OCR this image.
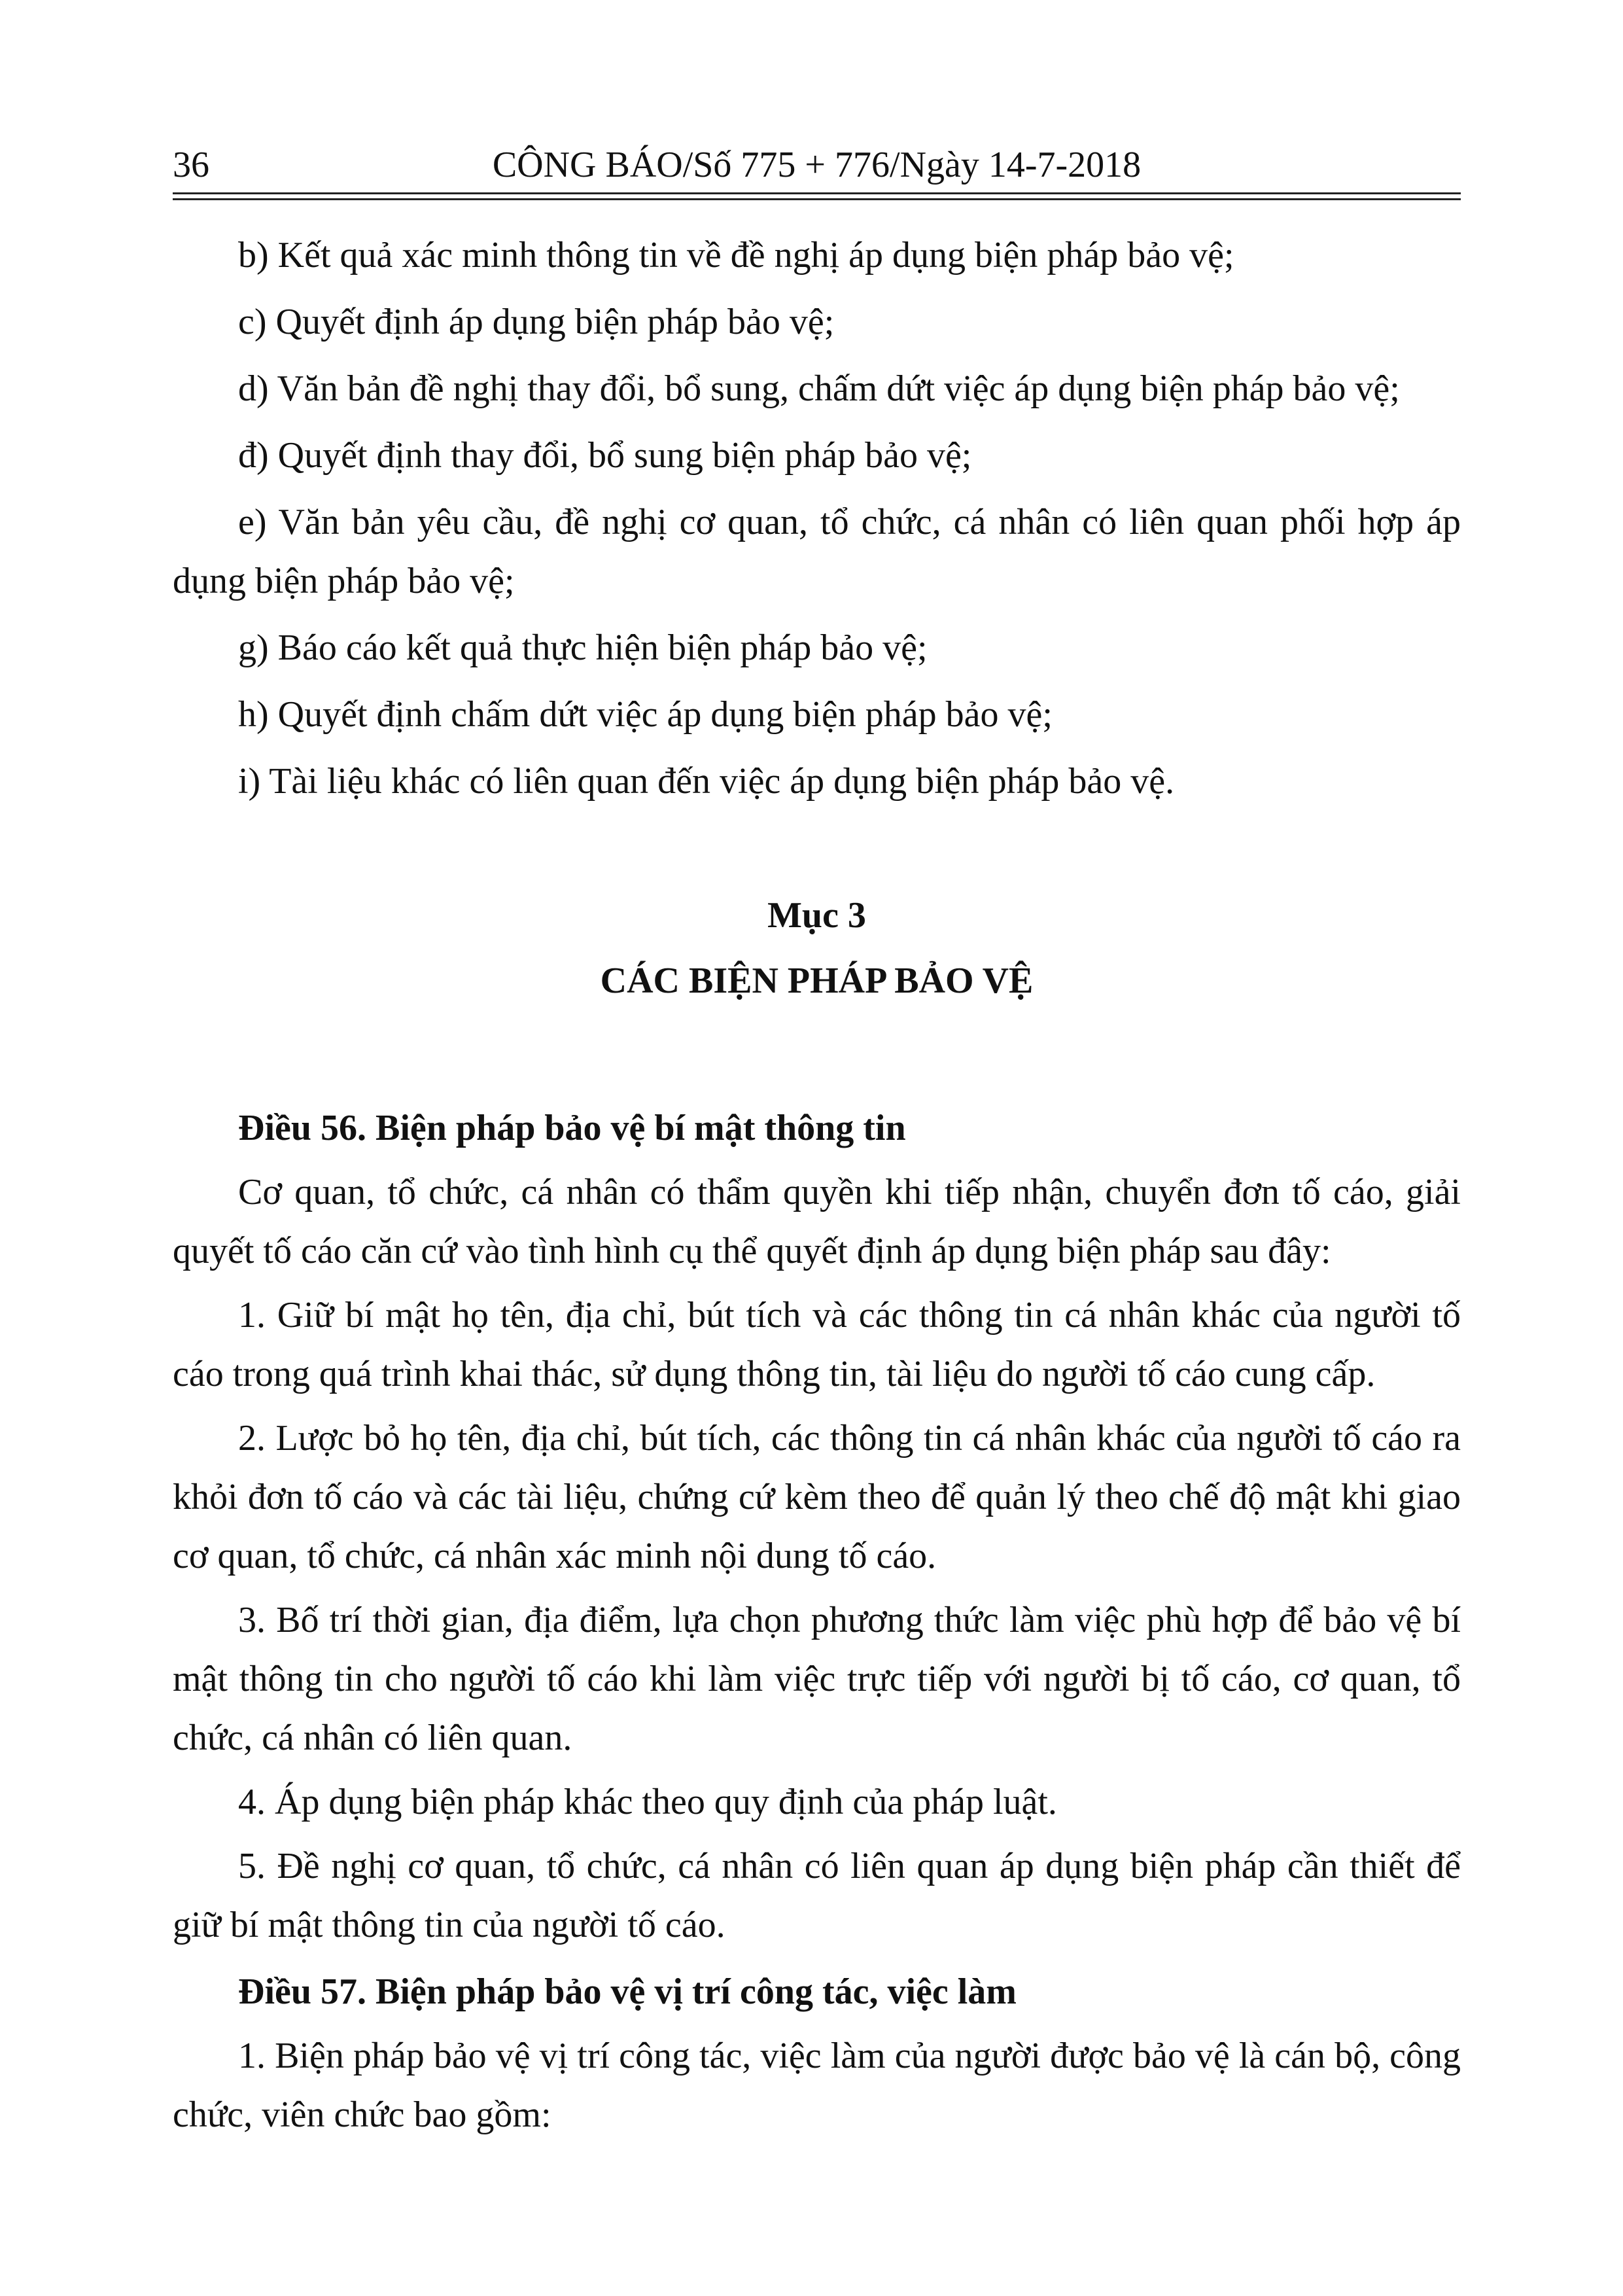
36	CÔNG BÁO/Số 775 + 776/Ngày 14-7-2018

b) Kết quả xác minh thông tin về đề nghị áp dụng biện pháp bảo vệ;

c) Quyết định áp dụng biện pháp bảo vệ;

d) Văn bản đề nghị thay đổi, bổ sung, chấm dứt việc áp dụng biện pháp bảo vệ;

đ) Quyết định thay đổi, bổ sung biện pháp bảo vệ;

e) Văn bản yêu cầu, đề nghị cơ quan, tổ chức, cá nhân có liên quan phối hợp áp dụng biện pháp bảo vệ;

g) Báo cáo kết quả thực hiện biện pháp bảo vệ;

h) Quyết định chấm dứt việc áp dụng biện pháp bảo vệ;

i) Tài liệu khác có liên quan đến việc áp dụng biện pháp bảo vệ.

Mục 3

CÁC BIỆN PHÁP BẢO VỆ

Điều 56. Biện pháp bảo vệ bí mật thông tin

Cơ quan, tổ chức, cá nhân có thẩm quyền khi tiếp nhận, chuyển đơn tố cáo, giải quyết tố cáo căn cứ vào tình hình cụ thể quyết định áp dụng biện pháp sau đây:

1. Giữ bí mật họ tên, địa chỉ, bút tích và các thông tin cá nhân khác của người tố cáo trong quá trình khai thác, sử dụng thông tin, tài liệu do người tố cáo cung cấp.

2. Lược bỏ họ tên, địa chỉ, bút tích, các thông tin cá nhân khác của người tố cáo ra khỏi đơn tố cáo và các tài liệu, chứng cứ kèm theo để quản lý theo chế độ mật khi giao cơ quan, tổ chức, cá nhân xác minh nội dung tố cáo.

3. Bố trí thời gian, địa điểm, lựa chọn phương thức làm việc phù hợp để bảo vệ bí mật thông tin cho người tố cáo khi làm việc trực tiếp với người bị tố cáo, cơ quan, tổ chức, cá nhân có liên quan.

4. Áp dụng biện pháp khác theo quy định của pháp luật.

5. Đề nghị cơ quan, tổ chức, cá nhân có liên quan áp dụng biện pháp cần thiết để giữ bí mật thông tin của người tố cáo.

Điều 57. Biện pháp bảo vệ vị trí công tác, việc làm

1. Biện pháp bảo vệ vị trí công tác, việc làm của người được bảo vệ là cán bộ, công chức, viên chức bao gồm:
